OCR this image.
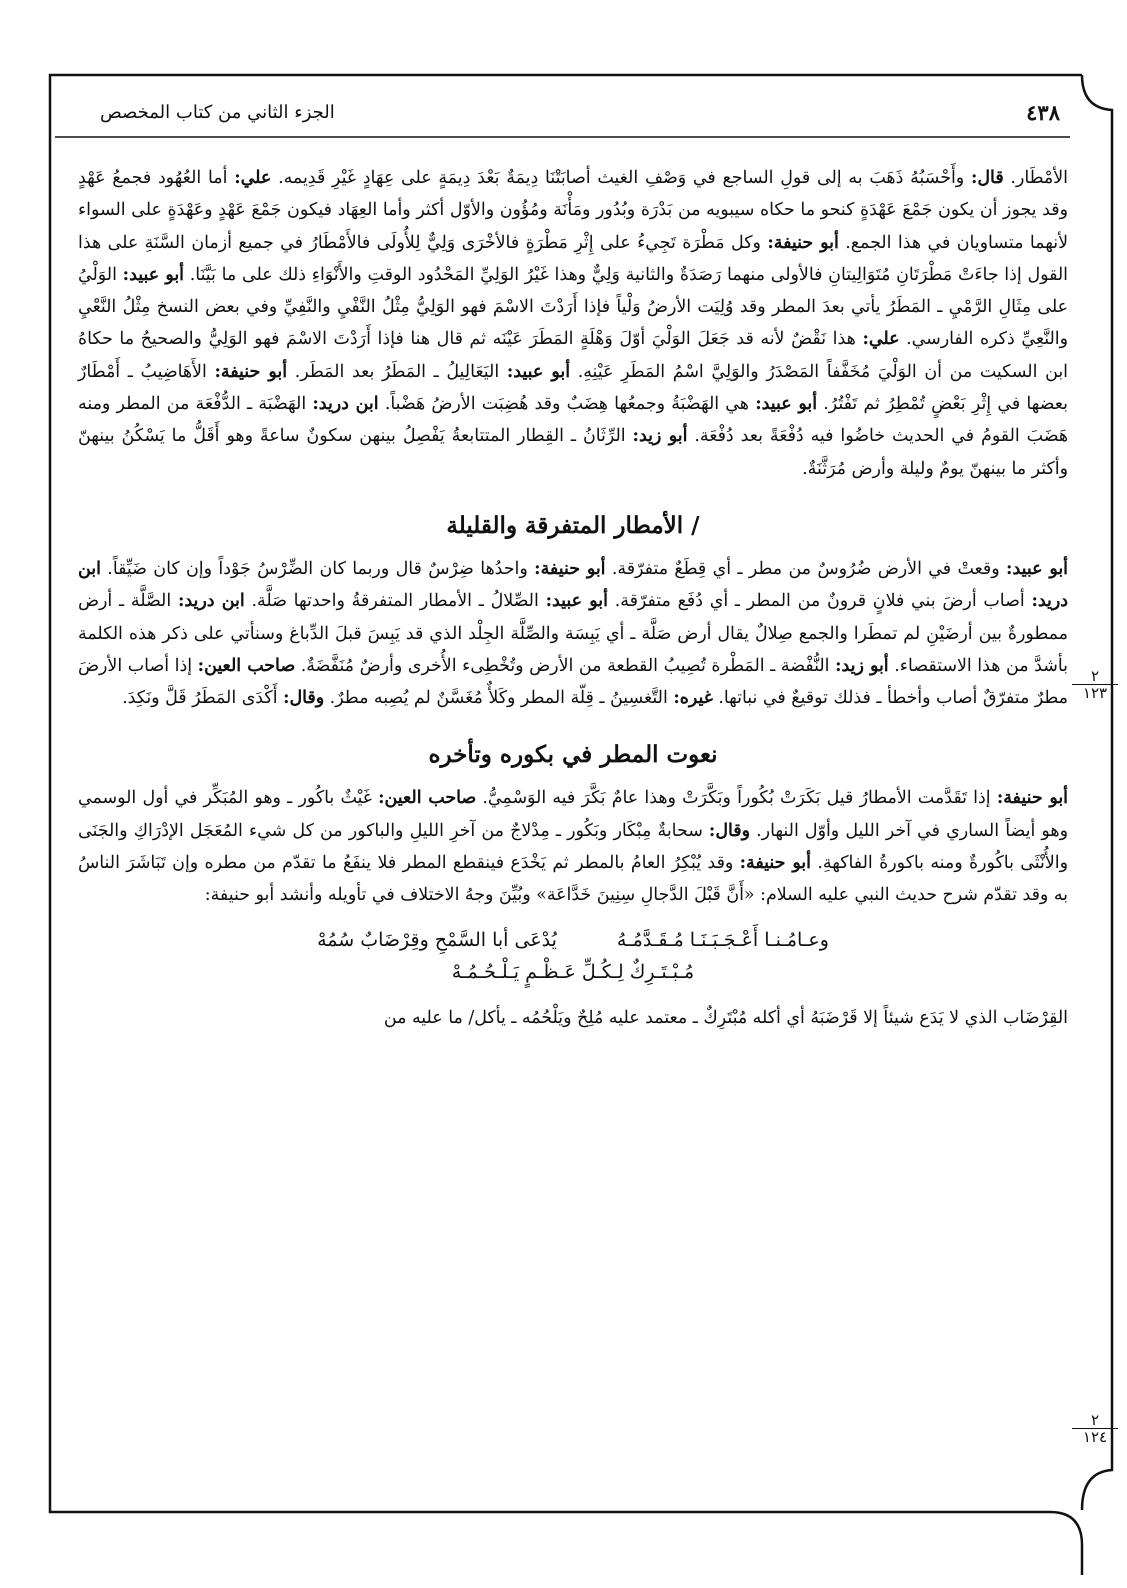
٤٣٨
الجزء الثاني من كتاب المخصص

الأمْطَار. قال: وأَحْسَبُهُ ذَهَبَ به إلى قولِ الساجع في وَصْفِ الغيث أصابَتْنَا دِيمَةٌ بَعْدَ دِيمَةٍ على عِهَادٍ غَيْرِ قَدِيمه. علي: أما العُهُود فجمعُ عَهْدٍ وقد يجوز أن يكون جَمْعَ عَهْدَةٍ كنحو ما حكاه سيبويه من بَدْرَة وبُدُور ومَأْنَة ومُؤُون والأوّل أكثر وأما العِهَاد فيكون جَمْعَ عَهْدٍ وعَهْدَةٍ على السواء لأنهما متساويان في هذا الجمع. أبو حنيفة: وكل مَطْرَة تَجِيءُ على إِثْرِ مَطْرَةٍ فالأخْرَى وَلِيٌّ لِلأُولَى فالأَمْطَارُ في جميع أزمان السَّنَةِ على هذا القول إذا جاءَتْ مَطْرَتَانِ مُتَوَالِيتانِ فالأولى منهما رَصَدَةٌ والثانية وَلِيٌّ وهذا غَيْرُ الوَلِيِّ المَحْدُود الوقتِ والأَنْوَاءِ ذلك على ما بَيَّنَا. أبو عبيد: الوَلْيُ على مِثَالِ الرَّمْيِ ـ المَطَرُ يأتي بعدَ المطر وقد وُلِيَت الأرضُ وَلْياً فإذا أَرَدْتَ الاسْمَ فهو الوَلِيُّ مِثْلُ النَّفْيِ والنَّفِيِّ وفي بعض النسخ مِثْلُ النَّعْيِ والنَّعِيِّ ذكره الفارسي. علي: هذا نَقْضٌ لأنه قد جَعَلَ الوَلْيَ أوّلَ وَهْلَةٍ المَطَرَ عَيْنَه ثم قال هنا فإذا أَرَدْتَ الاسْمَ فهو الوَلِيُّ والصحيحُ ما حكاهُ ابن السكيت من أن الوَلْيَ مُخَفَّفاً المَصْدَرُ والوَلِيَّ اسْمُ المَطَرِ عَيْنِهِ. أبو عبيد: اليَعَالِيلُ ـ المَطَرُ بعد المَطَر. أبو حنيفة: الأَهَاضِيبُ ـ أَمْطَارٌ بعضها في إِثْرِ بَعْضٍ تُمْطِرُ ثم تَفْتُرُ. أبو عبيد: هي الهَضْبَةُ وجمعُها هِضَبٌ وقد هُضِبَت الأرضُ هَضْباً. ابن دريد: الهَضْبَة ـ الدُّفْعَة من المطر ومنه هَضَبَ القومُ في الحديث خاضُوا فيه دُفْعَةً بعد دُفْعَة. أبو زيد: الرِّثَانُ ـ القِطار المتتابعةُ يَفْصِلُ بينهن سكونٌ ساعةً وهو أَقَلُّ ما يَسْكُنُ بينهنّ وأكثر ما بينهنّ يومٌ وليلة وأرض مُرَثَّنَةٌ.

/ الأمطار المتفرقة والقليلة

أبو عبيد: وقعتْ في الأرض ضُرُوسٌ من مطر ـ أي قِطَعٌ متفرّقة. أبو حنيفة: واحدُها ضِرْسٌ قال وربما كان الضِّرْسُ جَوْداً وإن كان ضَيِّقاً. ابن دريد: أصاب أرضَ بني فلانٍ قرونٌ من المطر ـ أي دُفَع متفرّقة. أبو عبيد: الصِّلالُ ـ الأمطار المتفرقةُ واحدتها صَلَّة. ابن دريد: الصَّلَّة ـ أرض ممطورةٌ بين أرضَيْنِ لم تمطَرا والجمع صِلالٌ يقال أرض صَلَّة ـ أي يَبِسَة والصِّلَّة الجِلْد الذي قد يَبِسَ قبلَ الدِّباغ وسنأتي على ذكر هذه الكلمة بأشدَّ من هذا الاستقصاء. أبو زيد: النُّفْضة ـ المَطْرة تُصِيبُ القطعة من الأرض وتُخْطِىء الأُخرى وأرضٌ مُنَفَّضَةٌ. صاحب العين: إذا أصاب الأرضَ مطرٌ متفرّقٌ أصاب وأخطأ ـ فذلك توقيعٌ في نباتها. غيره: التَّغسِينُ ـ قِلّة المطر وكَلأٌ مُغَسَّنٌ لم يُصِبه مطرٌ. وقال: أَكْدَى المَطَرُ قَلَّ ونَكِدَ.

نعوت المطر في بكوره وتأخره

أبو حنيفة: إذا تَقَدَّمت الأمطارُ قيل بَكَرَتْ بُكُوراً وبَكَّرَتْ وهذا عامٌ بَكَّرَ فيه الوَسْمِيُّ. صاحب العين: غَيْثٌ باكُور ـ وهو المُبَكِّر في أول الوسمي وهو أيضاً الساري في آخر الليل وأوّل النهار. وقال: سحابةٌ مِبْكَار وبَكُور ـ مِدْلاجٌ من آخرِ الليلِ والباكور من كل شيء المُعَجَل الإدْرَاكِ والجَنَى والأُنْثَى باكُورةٌ ومنه باكورةُ الفاكهةِ. أبو حنيفة: وقد يُبْكِرُ العامُ بالمطر ثم يَخْدَع فينقطع المطر فلا ينفَعُ ما تقدّم من مطره وإن تَبَاشَرَ الناسُ به وقد تقدّم شرح حديث النبي عليه السلام: «أَنَّ قَبْلَ الدَّجالِ سِنِينَ خَدَّاعَة» وبُيِّنَ وجهُ الاختلاف في تأويله وأنشد أبو حنيفة:

وعـامُـنـا أَعْـجَـبَـنَـا مُـقَـدَّمُـهُ
يُدْعَى أبا السَّمْحِ وقِرْضَابٌ سُمُهْ
مُـبْـتَـرِكٌ لِـكُـلِّ عَـظْـمٍ يَـلْـحُـمُـهْ

القِرْضَاب الذي لا يَدَع شيئاً إلا قَرْضَبَهُ أي أكله مُبْتَرِكٌ ـ معتمد عليه مُلِحٌ ويَلْحُمُه ـ يأكل/ ما عليه من

٢
١٢٣
٢
١٢٤
